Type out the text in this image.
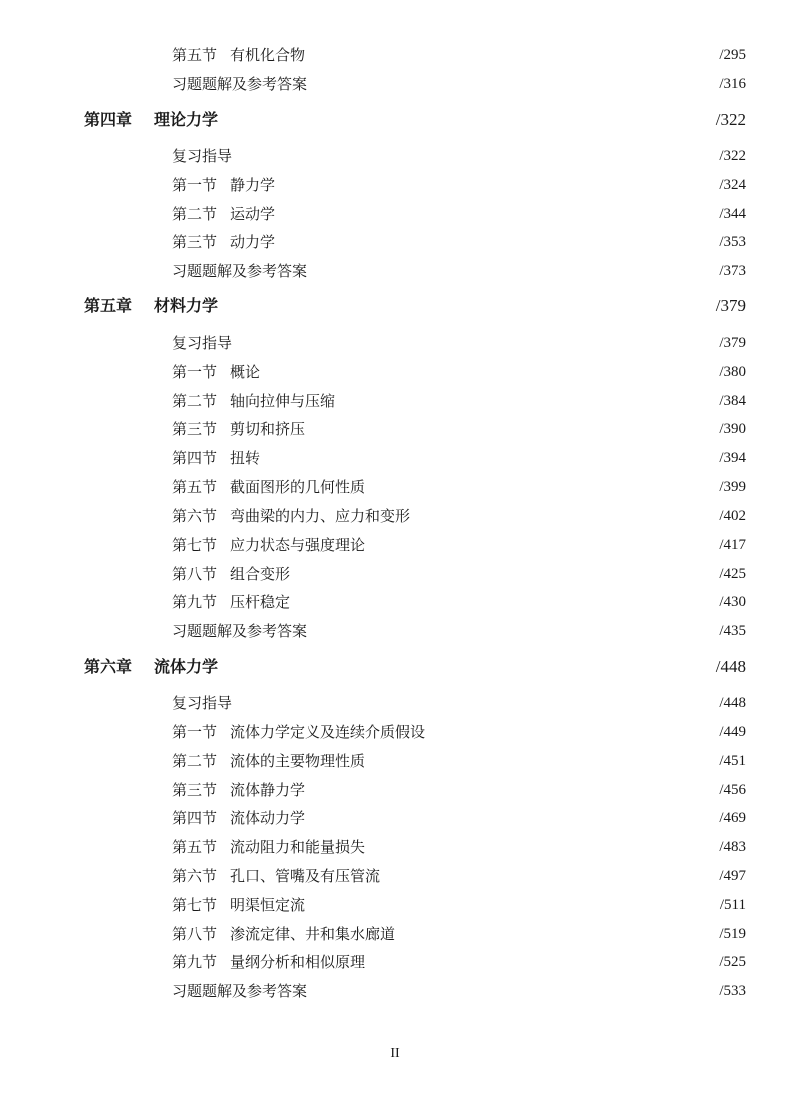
第五节 有机化合物	/295
习题题解及参考答案	/316
第四章 理论力学	/322
复习指导	/322
第一节 静力学	/324
第二节 运动学	/344
第三节 动力学	/353
习题题解及参考答案	/373
第五章 材料力学	/379
复习指导	/379
第一节 概论	/380
第二节 轴向拉伸与压缩	/384
第三节 剪切和挤压	/390
第四节 扭转	/394
第五节 截面图形的几何性质	/399
第六节 弯曲梁的内力、应力和变形	/402
第七节 应力状态与强度理论	/417
第八节 组合变形	/425
第九节 压杆稳定	/430
习题题解及参考答案	/435
第六章 流体力学	/448
复习指导	/448
第一节 流体力学定义及连续介质假设	/449
第二节 流体的主要物理性质	/451
第三节 流体静力学	/456
第四节 流体动力学	/469
第五节 流动阻力和能量损失	/483
第六节 孔口、管嘴及有压管流	/497
第七节 明渠恒定流	/511
第八节 渗流定律、井和集水廊道	/519
第九节 量纲分析和相似原理	/525
习题题解及参考答案	/533
II
